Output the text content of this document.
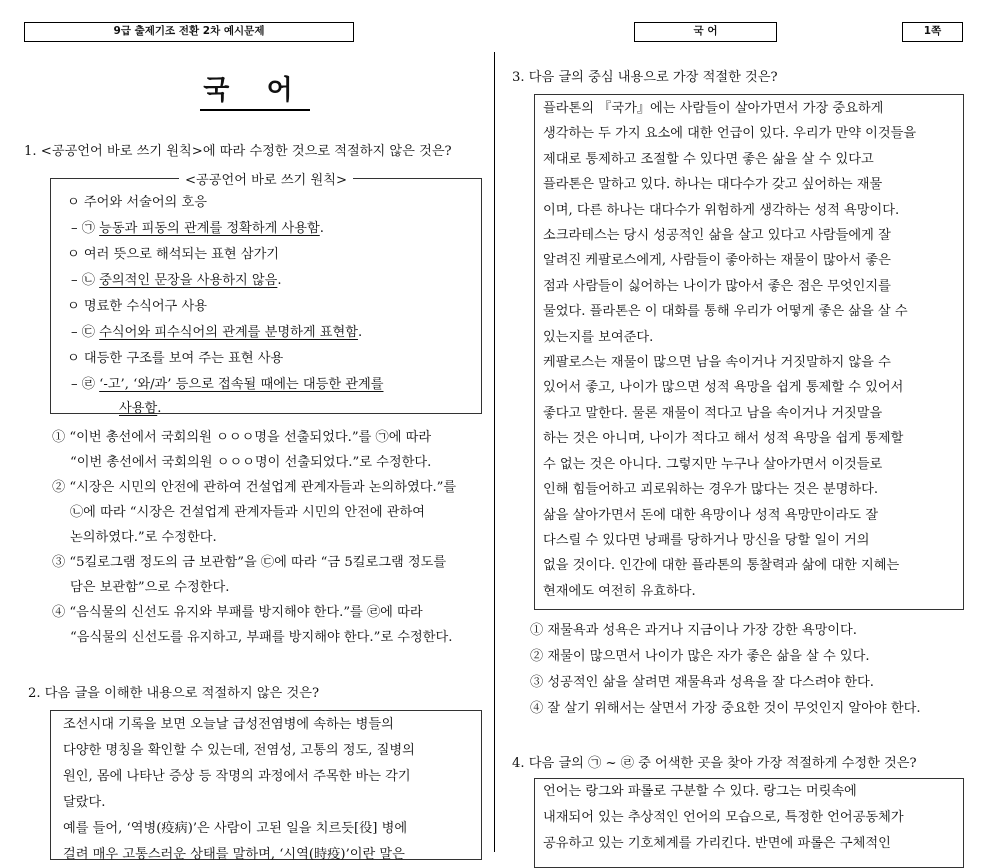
9급 출제기조 전환 2차 예시문제	국 어	1쪽
국 어
1. <공공언어 바로 쓰기 원칙>에 따라 수정한 것으로 적절하지 않은 것은?
<공공언어 바로 쓰기 원칙>
ㅇ 주어와 서술어의 호응
– ㉠ 능동과 피동의 관계를 정확하게 사용함.
ㅇ 여러 뜻으로 해석되는 표현 삼가기
– ㉡ 중의적인 문장을 사용하지 않음.
ㅇ 명료한 수식어구 사용
– ㉢ 수식어와 피수식어의 관계를 분명하게 표현함.
ㅇ 대등한 구조를 보여 주는 표현 사용
– ㉣ ‘-고’, ‘와/과’ 등으로 접속될 때에는 대등한 관계를
사용함.
① “이번 총선에서 국회의원 ㅇㅇㅇ명을 선출되었다.”를 ㉠에 따라
“이번 총선에서 국회의원 ㅇㅇㅇ명이 선출되었다.”로 수정한다.
② “시장은 시민의 안전에 관하여 건설업계 관계자들과 논의하였다.”를
㉡에 따라 “시장은 건설업계 관계자들과 시민의 안전에 관하여
논의하였다.”로 수정한다.
③ “5킬로그램 정도의 금 보관함”을 ㉢에 따라 “금 5킬로그램 정도를
담은 보관함”으로 수정한다.
④ “음식물의 신선도 유지와 부패를 방지해야 한다.”를 ㉣에 따라
“음식물의 신선도를 유지하고, 부패를 방지해야 한다.”로 수정한다.
2. 다음 글을 이해한 내용으로 적절하지 않은 것은?

조선시대 기록을 보면 오늘날 급성전염병에 속하는 병들의

다양한 명칭을 확인할 수 있는데, 전염성, 고통의 정도, 질병의

원인, 몸에 나타난 증상 등 작명의 과정에서 주목한 바는 각기

달랐다.

예를 들어, ‘역병(疫病)’은 사람이 고된 일을 치르듯[役] 병에

걸려 매우 고통스러운 상태를 말하며, ‘시역(時疫)’이란 말은

3. 다음 글의 중심 내용으로 가장 적절한 것은?

플라톤의 『국가』에는 사람들이 살아가면서 가장 중요하게

생각하는 두 가지 요소에 대한 언급이 있다. 우리가 만약 이것들을

제대로 통제하고 조절할 수 있다면 좋은 삶을 살 수 있다고

플라톤은 말하고 있다. 하나는 대다수가 갖고 싶어하는 재물

이며, 다른 하나는 대다수가 위험하게 생각하는 성적 욕망이다.

소크라테스는 당시 성공적인 삶을 살고 있다고 사람들에게 잘

알려진 케팔로스에게, 사람들이 좋아하는 재물이 많아서 좋은

점과 사람들이 싫어하는 나이가 많아서 좋은 점은 무엇인지를

물었다. 플라톤은 이 대화를 통해 우리가 어떻게 좋은 삶을 살 수

있는지를 보여준다.

케팔로스는 재물이 많으면 남을 속이거나 거짓말하지 않을 수

있어서 좋고, 나이가 많으면 성적 욕망을 쉽게 통제할 수 있어서

좋다고 말한다. 물론 재물이 적다고 남을 속이거나 거짓말을

하는 것은 아니며, 나이가 적다고 해서 성적 욕망을 쉽게 통제할

수 없는 것은 아니다. 그렇지만 누구나 살아가면서 이것들로

인해 힘들어하고 괴로워하는 경우가 많다는 것은 분명하다.

삶을 살아가면서 돈에 대한 욕망이나 성적 욕망만이라도 잘

다스릴 수 있다면 낭패를 당하거나 망신을 당할 일이 거의

없을 것이다. 인간에 대한 플라톤의 통찰력과 삶에 대한 지혜는

현재에도 여전히 유효하다.

① 재물욕과 성욕은 과거나 지금이나 가장 강한 욕망이다.
② 재물이 많으면서 나이가 많은 자가 좋은 삶을 살 수 있다.
③ 성공적인 삶을 살려면 재물욕과 성욕을 잘 다스려야 한다.
④ 잘 살기 위해서는 살면서 가장 중요한 것이 무엇인지 알아야 한다.
4. 다음 글의 ㉠ ~ ㉣ 중 어색한 곳을 찾아 가장 적절하게 수정한 것은?

언어는 랑그와 파롤로 구분할 수 있다. 랑그는 머릿속에

내재되어 있는 추상적인 언어의 모습으로, 특정한 언어공동체가

공유하고 있는 기호체계를 가리킨다. 반면에 파롤은 구체적인
